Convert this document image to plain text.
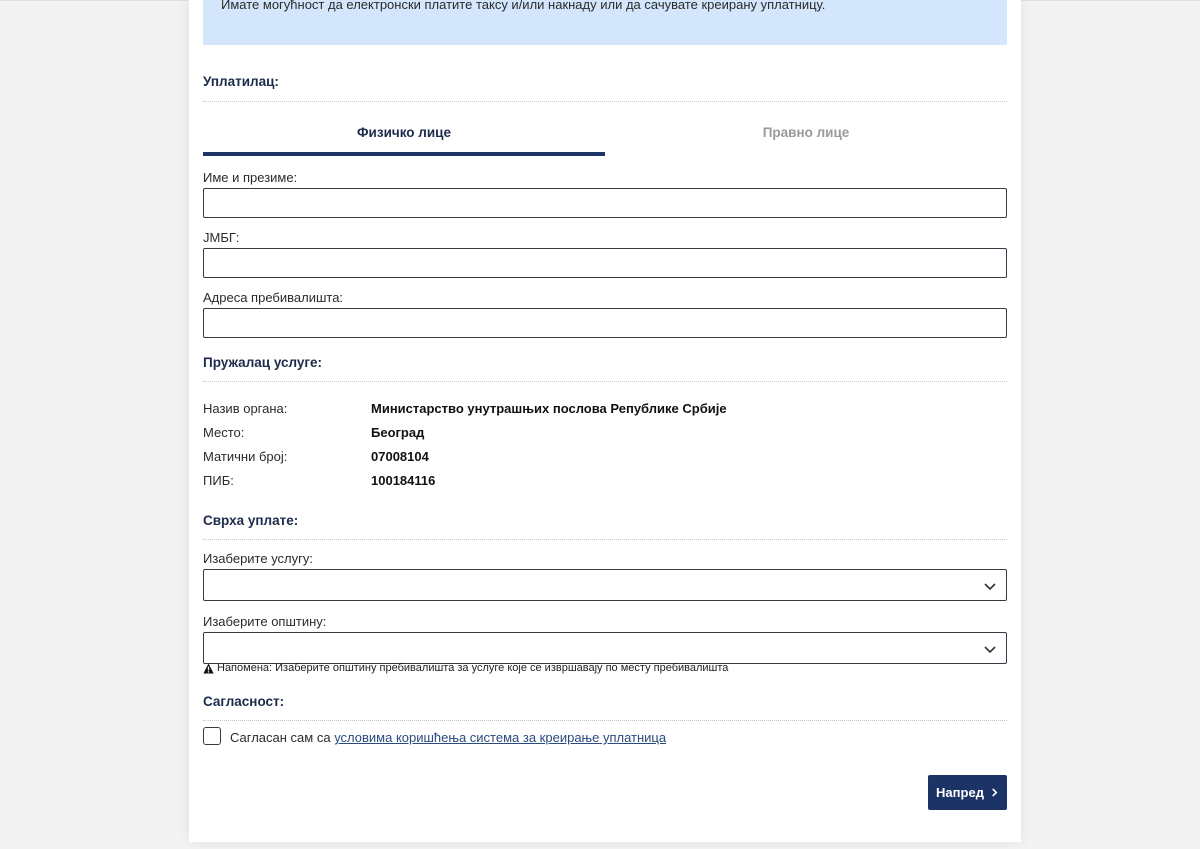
Имате могућност да електронски платите таксу и/или накнаду или да сачувате креирану уплатницу.
Уплатилац:
Физичко лице	Правно лице
Име и презиме:
ЈМБГ:
Адреса пребивалишта:
Пружалац услуге:
Назив органа:	Министарство унутрашњих послова Републике Србије
Место:	Београд
Матични број:	07008104
ПИБ:	100184116
Сврха уплате:
Изаберите услугу:
Изаберите општину:
Напомена: Изаберите општину пребивалишта за услуге које се извршавају по месту пребивалишта
Сагласност:
Сагласан сам са условима коришћења система за креирање уплатница
Напред
